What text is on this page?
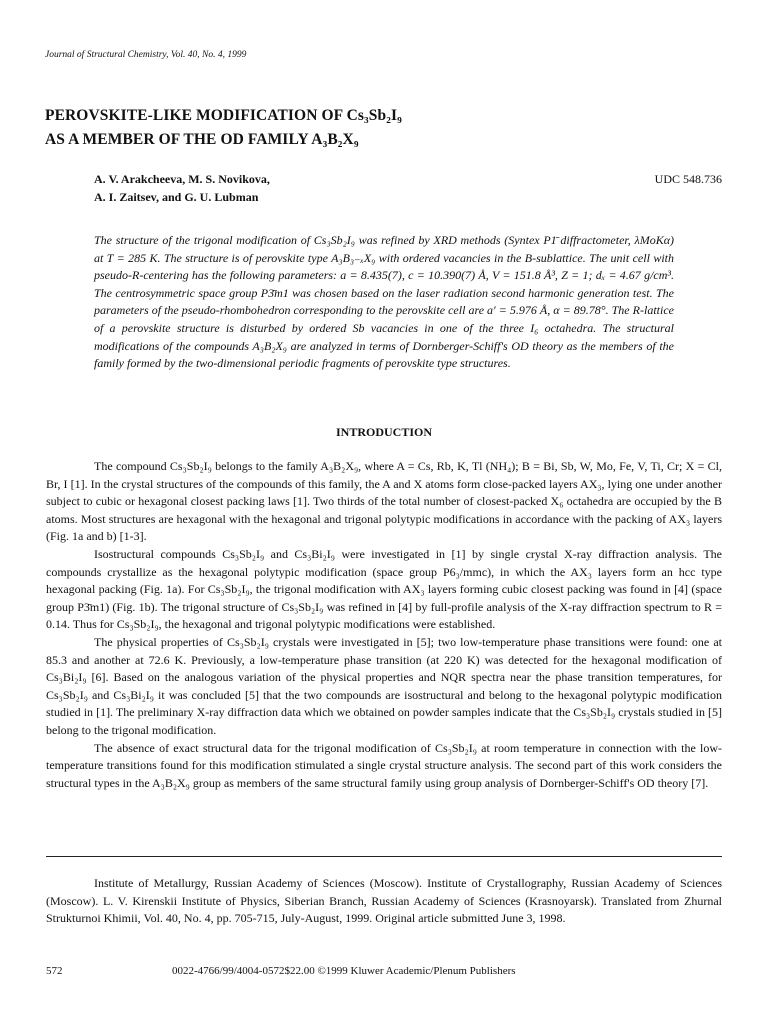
Journal of Structural Chemistry, Vol. 40, No. 4, 1999
PEROVSKITE-LIKE MODIFICATION OF Cs₃Sb₂I₉
AS A MEMBER OF THE OD FAMILY A₃B₂X₉
A. V. Arakcheeva, M. S. Novikova,
A. I. Zaitsev, and G. U. Lubman
UDC 548.736

The structure of the trigonal modification of Cs₃Sb₂I₉ was refined by XRD methods (Syntex P1̄ diffractometer, λMoKα) at T = 285 K. The structure is of perovskite type A₃B₃₋ₓX₉ with ordered vacancies in the B-sublattice. The unit cell with pseudo-R-centering has the following parameters: a = 8.435(7), c = 10.390(7) Å, V = 151.8 Å³, Z = 1; dₓ = 4.67 g/cm³. The centrosymmetric space group P3̄m1 was chosen based on the laser radiation second harmonic generation test. The parameters of the pseudo-rhombohedron corresponding to the perovskite cell are a′ = 5.976 Å, α = 89.78°. The R-lattice of a perovskite structure is disturbed by ordered Sb vacancies in one of the three I₆ octahedra. The structural modifications of the compounds A₃B₂X₉ are analyzed in terms of Dornberger-Schiff's OD theory as the members of the family formed by the two-dimensional periodic fragments of perovskite type structures.

INTRODUCTION

The compound Cs₃Sb₂I₉ belongs to the family A₃B₂X₉, where A = Cs, Rb, K, Tl (NH₄); B = Bi, Sb, W, Mo, Fe, V, Ti, Cr; X = Cl, Br, I [1]. In the crystal structures of the compounds of this family, the A and X atoms form close-packed layers AX₃, lying one under another subject to cubic or hexagonal closest packing laws [1]. Two thirds of the total number of closest-packed X₆ octahedra are occupied by the B atoms. Most structures are hexagonal with the hexagonal and trigonal polytypic modifications in accordance with the packing of AX₃ layers (Fig. 1a and b) [1-3].

Isostructural compounds Cs₃Sb₂I₉ and Cs₃Bi₂I₉ were investigated in [1] by single crystal X-ray diffraction analysis. The compounds crystallize as the hexagonal polytypic modification (space group P6₃/mmc), in which the AX₃ layers form an hcc type hexagonal packing (Fig. 1a). For Cs₃Sb₂I₉, the trigonal modification with AX₃ layers forming cubic closest packing was found in [4] (space group P3̄m1) (Fig. 1b). The trigonal structure of Cs₃Sb₂I₉ was refined in [4] by full-profile analysis of the X-ray diffraction spectrum to R = 0.14. Thus for Cs₃Sb₂I₉, the hexagonal and trigonal polytypic modifications were established.

The physical properties of Cs₃Sb₂I₉ crystals were investigated in [5]; two low-temperature phase transitions were found: one at 85.3 and another at 72.6 K. Previously, a low-temperature phase transition (at 220 K) was detected for the hexagonal modification of Cs₃Bi₂I₉ [6]. Based on the analogous variation of the physical properties and NQR spectra near the phase transition temperatures, for Cs₃Sb₂I₉ and Cs₃Bi₂I₉ it was concluded [5] that the two compounds are isostructural and belong to the hexagonal polytypic modification studied in [1]. The preliminary X-ray diffraction data which we obtained on powder samples indicate that the Cs₃Sb₂I₉ crystals studied in [5] belong to the trigonal modification.

The absence of exact structural data for the trigonal modification of Cs₃Sb₂I₉ at room temperature in connection with the low-temperature transitions found for this modification stimulated a single crystal structure analysis. The second part of this work considers the structural types in the A₃B₂X₉ group as members of the same structural family using group analysis of Dornberger-Schiff's OD theory [7].

Institute of Metallurgy, Russian Academy of Sciences (Moscow). Institute of Crystallography, Russian Academy of Sciences (Moscow). L. V. Kirenskii Institute of Physics, Siberian Branch, Russian Academy of Sciences (Krasnoyarsk). Translated from Zhurnal Strukturnoi Khimii, Vol. 40, No. 4, pp. 705-715, July-August, 1999. Original article submitted June 3, 1998.

572	0022-4766/99/4004-0572$22.00 ©1999 Kluwer Academic/Plenum Publishers
